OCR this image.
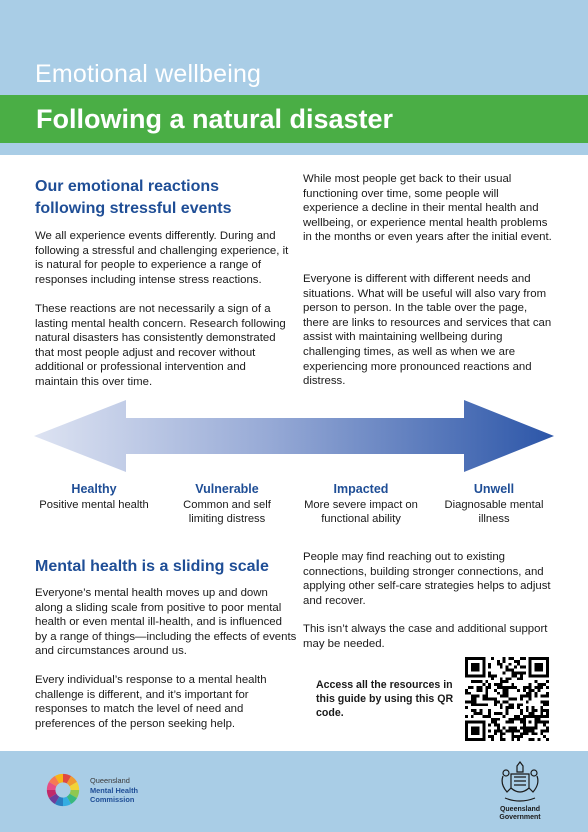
Emotional wellbeing
Following a natural disaster
Our emotional reactions following stressful events
We all experience events differently. During and following a stressful and challenging experience, it is natural for people to experience a range of responses including intense stress reactions.
These reactions are not necessarily a sign of a lasting mental health concern. Research following natural disasters has consistently demonstrated that most people adjust and recover without additional or professional intervention and maintain this over time.
While most people get back to their usual functioning over time, some people will experience a decline in their mental health and wellbeing, or experience mental health problems in the months or even years after the initial event.
Everyone is different with different needs and situations. What will be useful will also vary from person to person. In the table over the page, there are links to resources and services that can assist with maintaining wellbeing during challenging times, as well as when we are experiencing more pronounced reactions and distress.
Healthy
Positive mental health
Vulnerable
Common and self limiting distress
Impacted
More severe impact on functional ability
Unwell
Diagnosable mental illness
Mental health is a sliding scale
Everyone’s mental health moves up and down along a sliding scale from positive to poor mental health or even mental ill-health, and is influenced by a range of things—including the effects of events and circumstances around us.
Every individual’s response to a mental health challenge is different, and it’s important for responses to match the level of need and preferences of the person seeking help.
People may find reaching out to existing connections, building stronger connections, and applying other self-care strategies helps to adjust and recover.
This isn’t always the case and additional support may be needed.
Access all the resources in this guide by using this QR code.
Queensland
Mental Health
Commission
Queensland
Government
